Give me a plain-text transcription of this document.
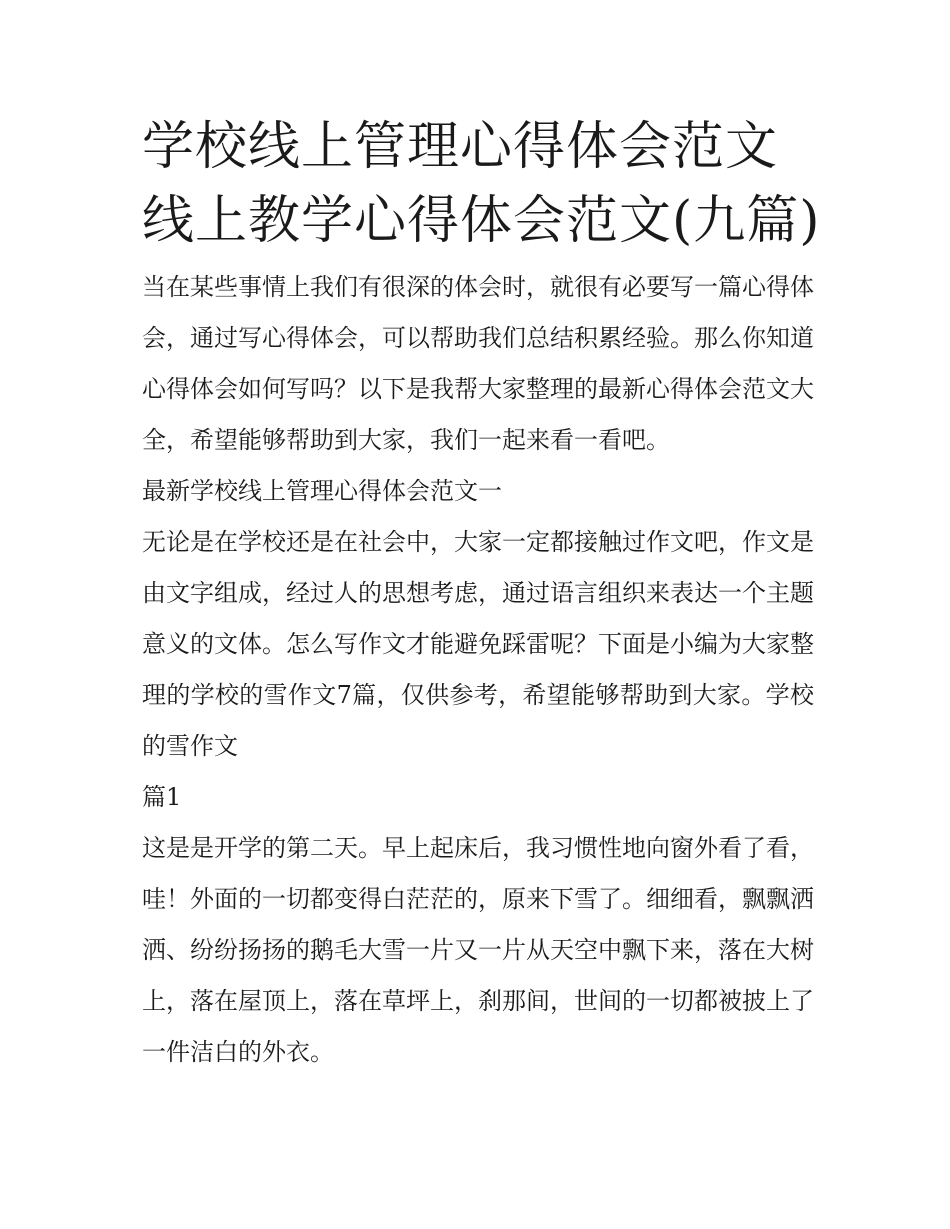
学校线上管理心得体会范文 线上教学心得体会范文(九篇)

当在某些事情上我们有很深的体会时，就很有必要写一篇心得体会，通过写心得体会，可以帮助我们总结积累经验。那么你知道心得体会如何写吗？以下是我帮大家整理的最新心得体会范文大全，希望能够帮助到大家，我们一起来看一看吧。

最新学校线上管理心得体会范文一

无论是在学校还是在社会中，大家一定都接触过作文吧，作文是由文字组成，经过人的思想考虑，通过语言组织来表达一个主题意义的文体。怎么写作文才能避免踩雷呢？下面是小编为大家整理的学校的雪作文7篇，仅供参考，希望能够帮助到大家。学校的雪作文

篇1

这是是开学的第二天。早上起床后，我习惯性地向窗外看了看，哇！外面的一切都变得白茫茫的，原来下雪了。细细看，飘飘洒洒、纷纷扬扬的鹅毛大雪一片又一片从天空中飘下来，落在大树上，落在屋顶上，落在草坪上，刹那间，世间的一切都被披上了一件洁白的外衣。
